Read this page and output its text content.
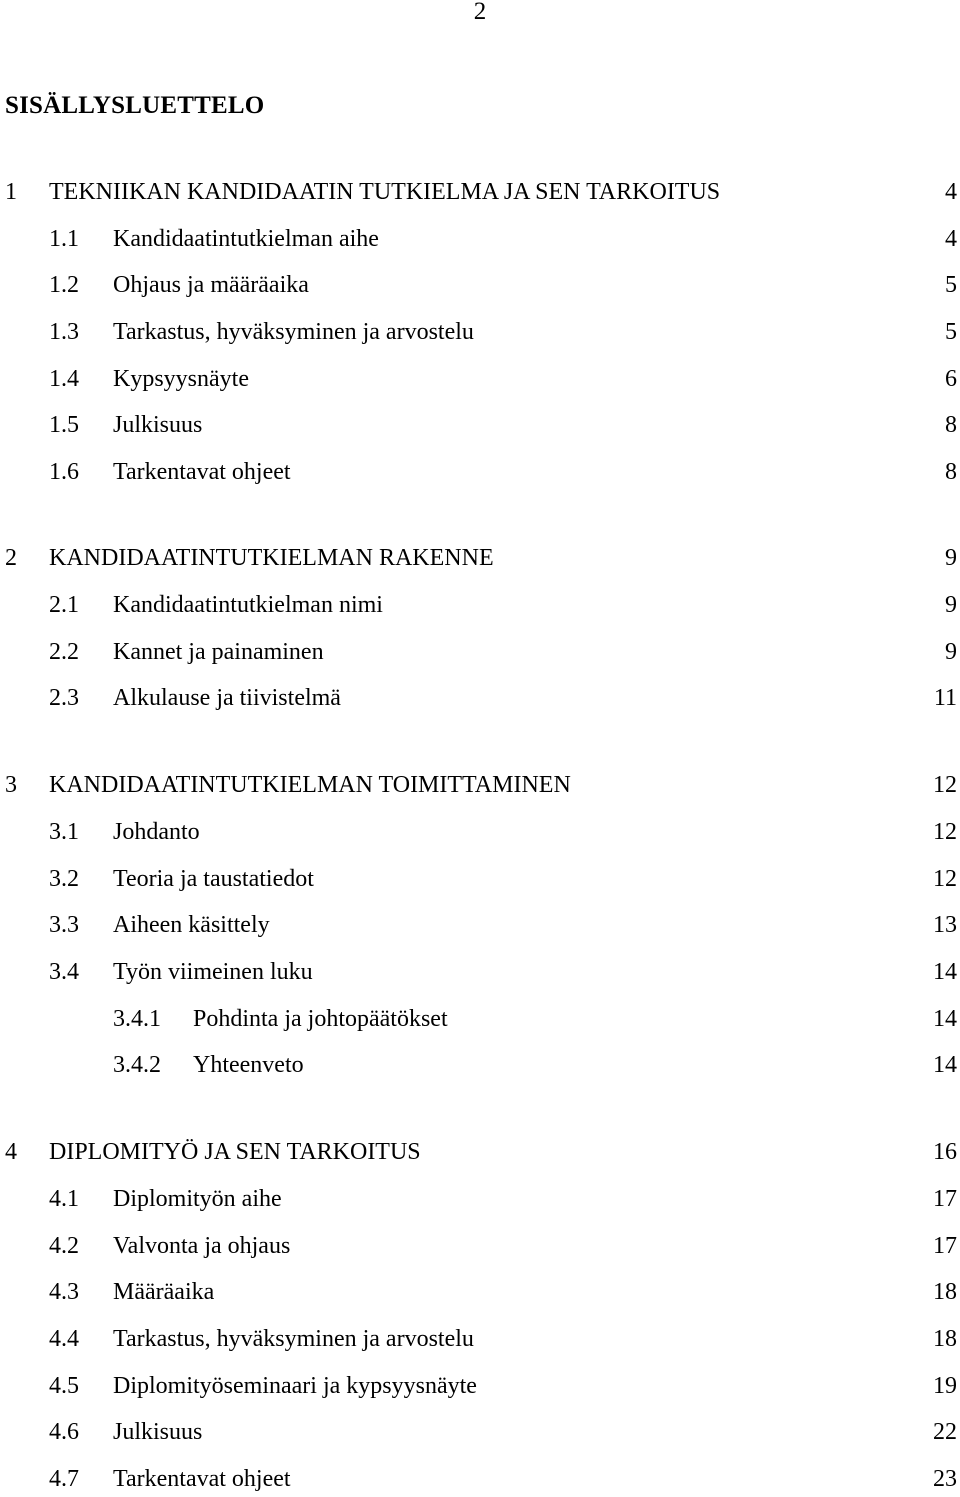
2
SISÄLLYSLUETTELO
1 TEKNIIKAN KANDIDAATIN TUTKIELMA JA SEN TARKOITUS	4
1.1 Kandidaatintutkielman aihe	4
1.2 Ohjaus ja määräaika	5
1.3 Tarkastus, hyväksyminen ja arvostelu	5
1.4 Kypsyysnäyte	6
1.5 Julkisuus	8
1.6 Tarkentavat ohjeet	8
2 KANDIDAATINTUTKIELMAN RAKENNE	9
2.1 Kandidaatintutkielman nimi	9
2.2 Kannet ja painaminen	9
2.3 Alkulause ja tiivistelmä	11
3 KANDIDAATINTUTKIELMAN TOIMITTAMINEN	12
3.1 Johdanto	12
3.2 Teoria ja taustatiedot	12
3.3 Aiheen käsittely	13
3.4 Työn viimeinen luku	14
3.4.1 Pohdinta ja johtopäätökset	14
3.4.2 Yhteenveto	14
4 DIPLOMITYÖ JA SEN TARKOITUS	16
4.1 Diplomityön aihe	17
4.2 Valvonta ja ohjaus	17
4.3 Määräaika	18
4.4 Tarkastus, hyväksyminen ja arvostelu	18
4.5 Diplomityöseminaari ja kypsyysnäyte	19
4.6 Julkisuus	22
4.7 Tarkentavat ohjeet	23
